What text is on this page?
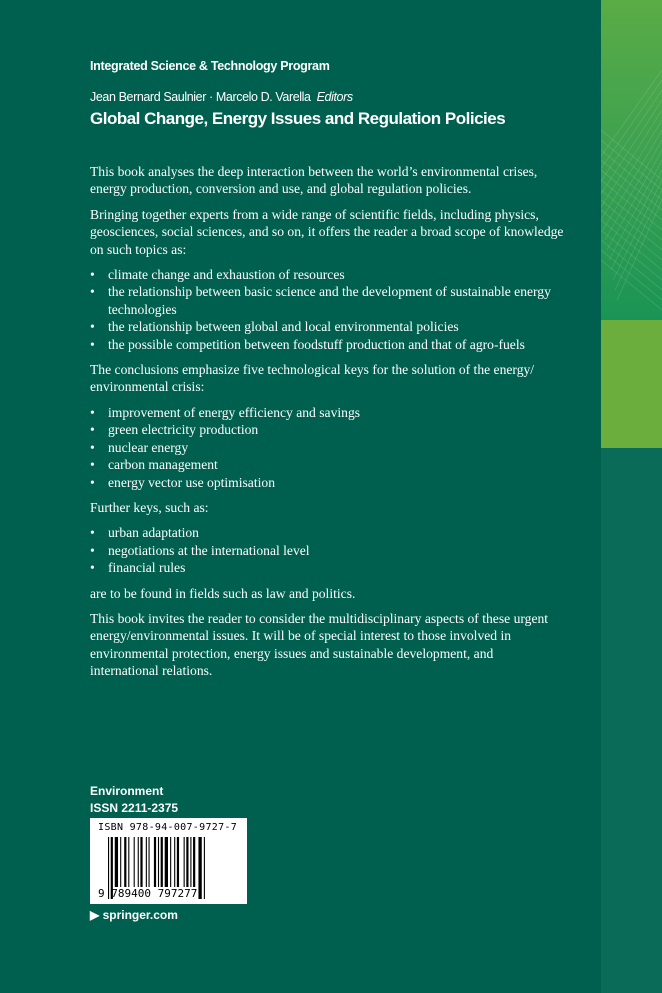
Integrated Science & Technology Program
Jean Bernard Saulnier · Marcelo D. Varella Editors
Global Change, Energy Issues and Regulation Policies

This book analyses the deep interaction between the world’s environmental crises, energy production, conversion and use, and global regulation policies.

Bringing together experts from a wide range of scientific fields, including physics, geosciences, social sciences, and so on, it offers the reader a broad scope of knowledge on such topics as:

• climate change and exhaustion of resources
• the relationship between basic science and the development of sustainable energy technologies
• the relationship between global and local environmental policies
• the possible competition between foodstuff production and that of agro-fuels

The conclusions emphasize five technological keys for the solution of the energy/ environmental crisis:

• improvement of energy efficiency and savings
• green electricity production
• nuclear energy
• carbon management
• energy vector use optimisation

Further keys, such as:

• urban adaptation
• negotiations at the international level
• financial rules

are to be found in fields such as law and politics.

This book invites the reader to consider the multidisciplinary aspects of these urgent energy/environmental issues. It will be of special interest to those involved in environmental protection, energy issues and sustainable development, and international relations.

Environment
ISSN 2211-2375
ISBN 978-94-007-9727-7
9 789400 797277
▶ springer.com
